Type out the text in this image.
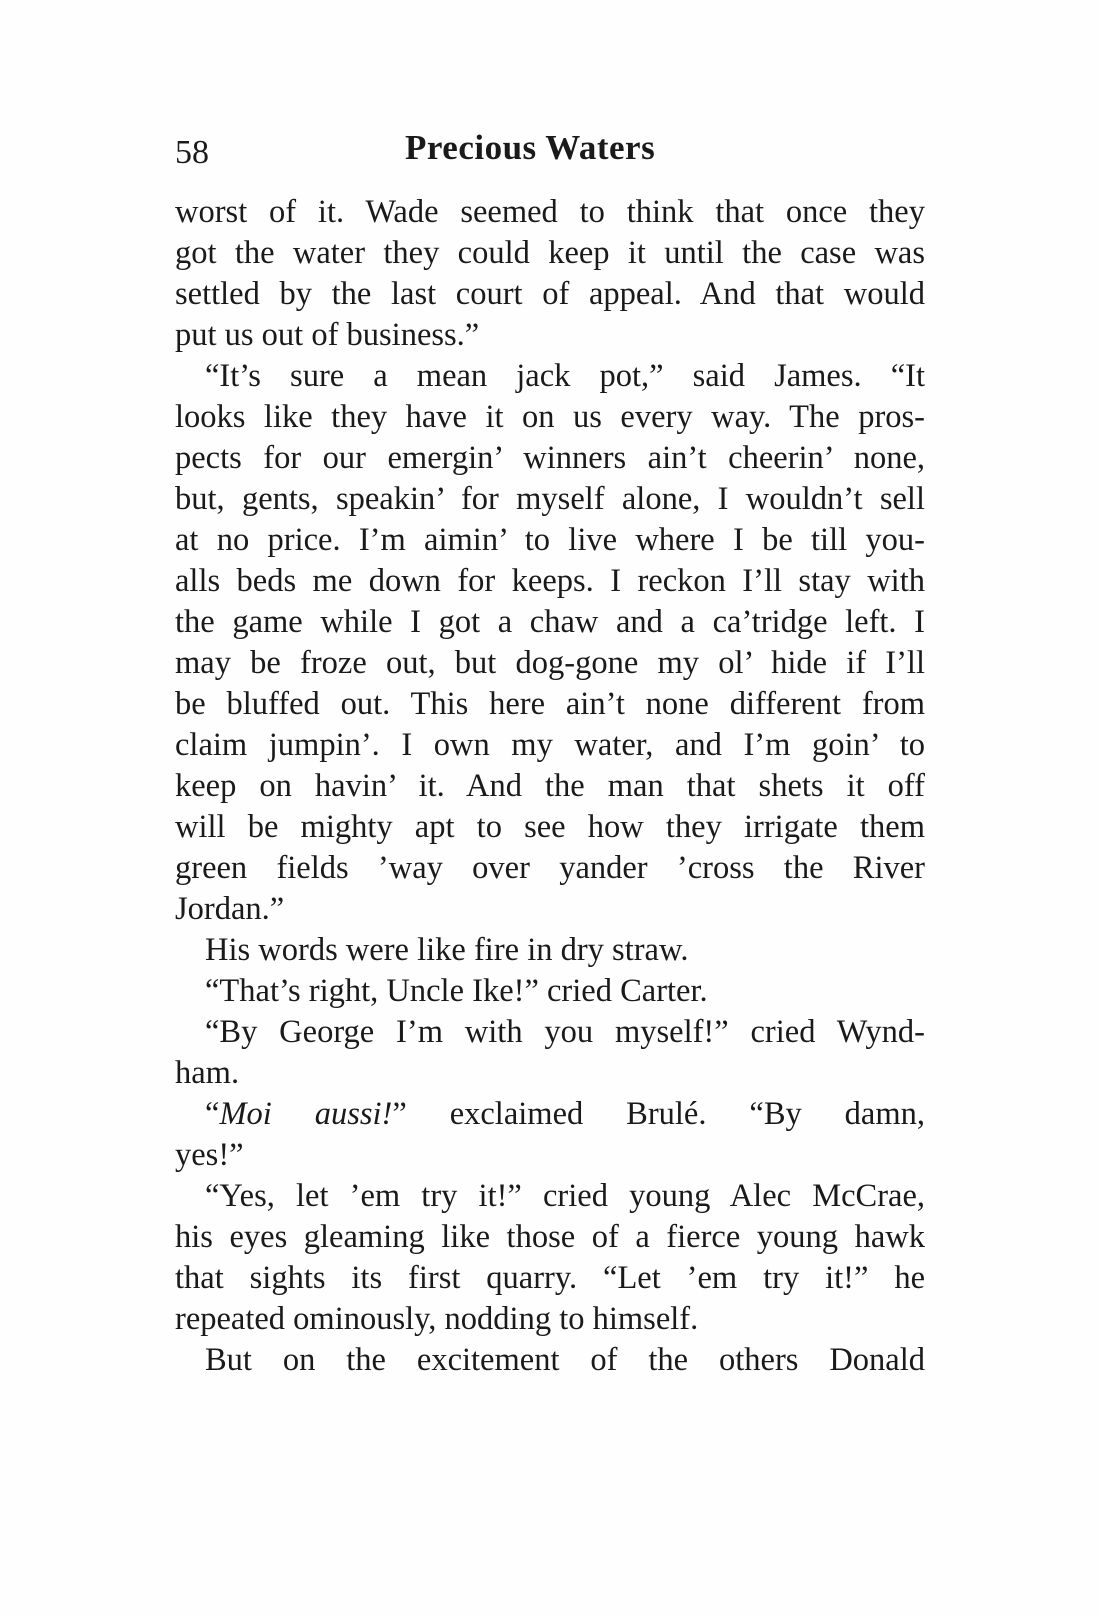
58	Precious Waters
worst of it. Wade seemed to think that once they
got the water they could keep it until the case was
settled by the last court of appeal. And that would
put us out of business.”
“It’s sure a mean jack pot,” said James. “It
looks like they have it on us every way. The pros-
pects for our emergin’ winners ain’t cheerin’ none,
but, gents, speakin’ for myself alone, I wouldn’t sell
at no price. I’m aimin’ to live where I be till you-
alls beds me down for keeps. I reckon I’ll stay with
the game while I got a chaw and a ca’tridge left. I
may be froze out, but dog-gone my ol’ hide if I’ll
be bluffed out. This here ain’t none different from
claim jumpin’. I own my water, and I’m goin’ to
keep on havin’ it. And the man that shets it off
will be mighty apt to see how they irrigate them
green fields ’way over yander ’cross the River
Jordan.”
His words were like fire in dry straw.
“That’s right, Uncle Ike!” cried Carter.
“By George I’m with you myself!” cried Wynd-
ham.
“Moi aussi!” exclaimed Brulé. “By damn,
yes!”
“Yes, let ’em try it!” cried young Alec McCrae,
his eyes gleaming like those of a fierce young hawk
that sights its first quarry. “Let ’em try it!” he
repeated ominously, nodding to himself.
But on the excitement of the others Donald
